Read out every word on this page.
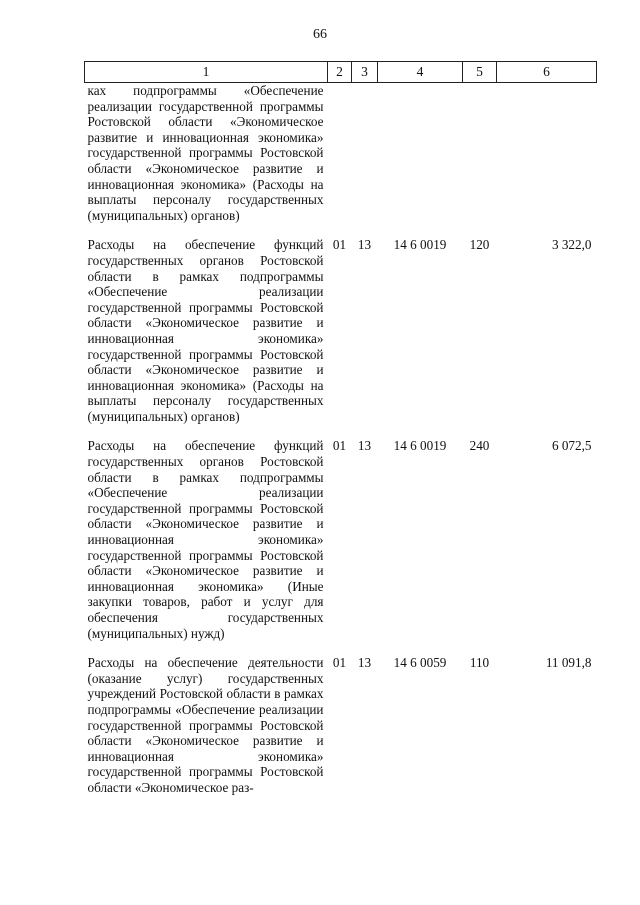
66
1	2	3	4	5	6

ках подпрограммы «Обеспечение реализации государственной программы Ростовской области «Экономическое развитие и инновационная экономика» государственной программы Ростовской области «Экономическое развитие и инновационная экономика» (Расходы на выплаты персоналу государственных (муниципальных) органов)					

Расходы на обеспечение функций государственных органов Ростовской области в рамках подпрограммы «Обеспечение реализации государственной программы Ростовской области «Экономическое развитие и инновационная экономика» государственной программы Ростовской области «Экономическое развитие и инновационная экономика» (Расходы на выплаты персоналу государственных (муниципальных) органов)	01	13	14 6 0019	120	3 322,0

Расходы на обеспечение функций государственных органов Ростовской области в рамках подпрограммы «Обеспечение реализации государственной программы Ростовской области «Экономическое развитие и инновационная экономика» государственной программы Ростовской области «Экономическое развитие и инновационная экономика» (Иные закупки товаров, работ и услуг для обеспечения государственных (муниципальных) нужд)	01	13	14 6 0019	240	6 072,5

Расходы на обеспечение деятельности (оказание услуг) государственных учреждений Ростовской области в рамках подпрограммы «Обеспечение реализации государственной программы Ростовской области «Экономическое развитие и инновационная экономика» государственной программы Ростовской области «Экономическое раз-	01	13	14 6 0059	110	11 091,8
